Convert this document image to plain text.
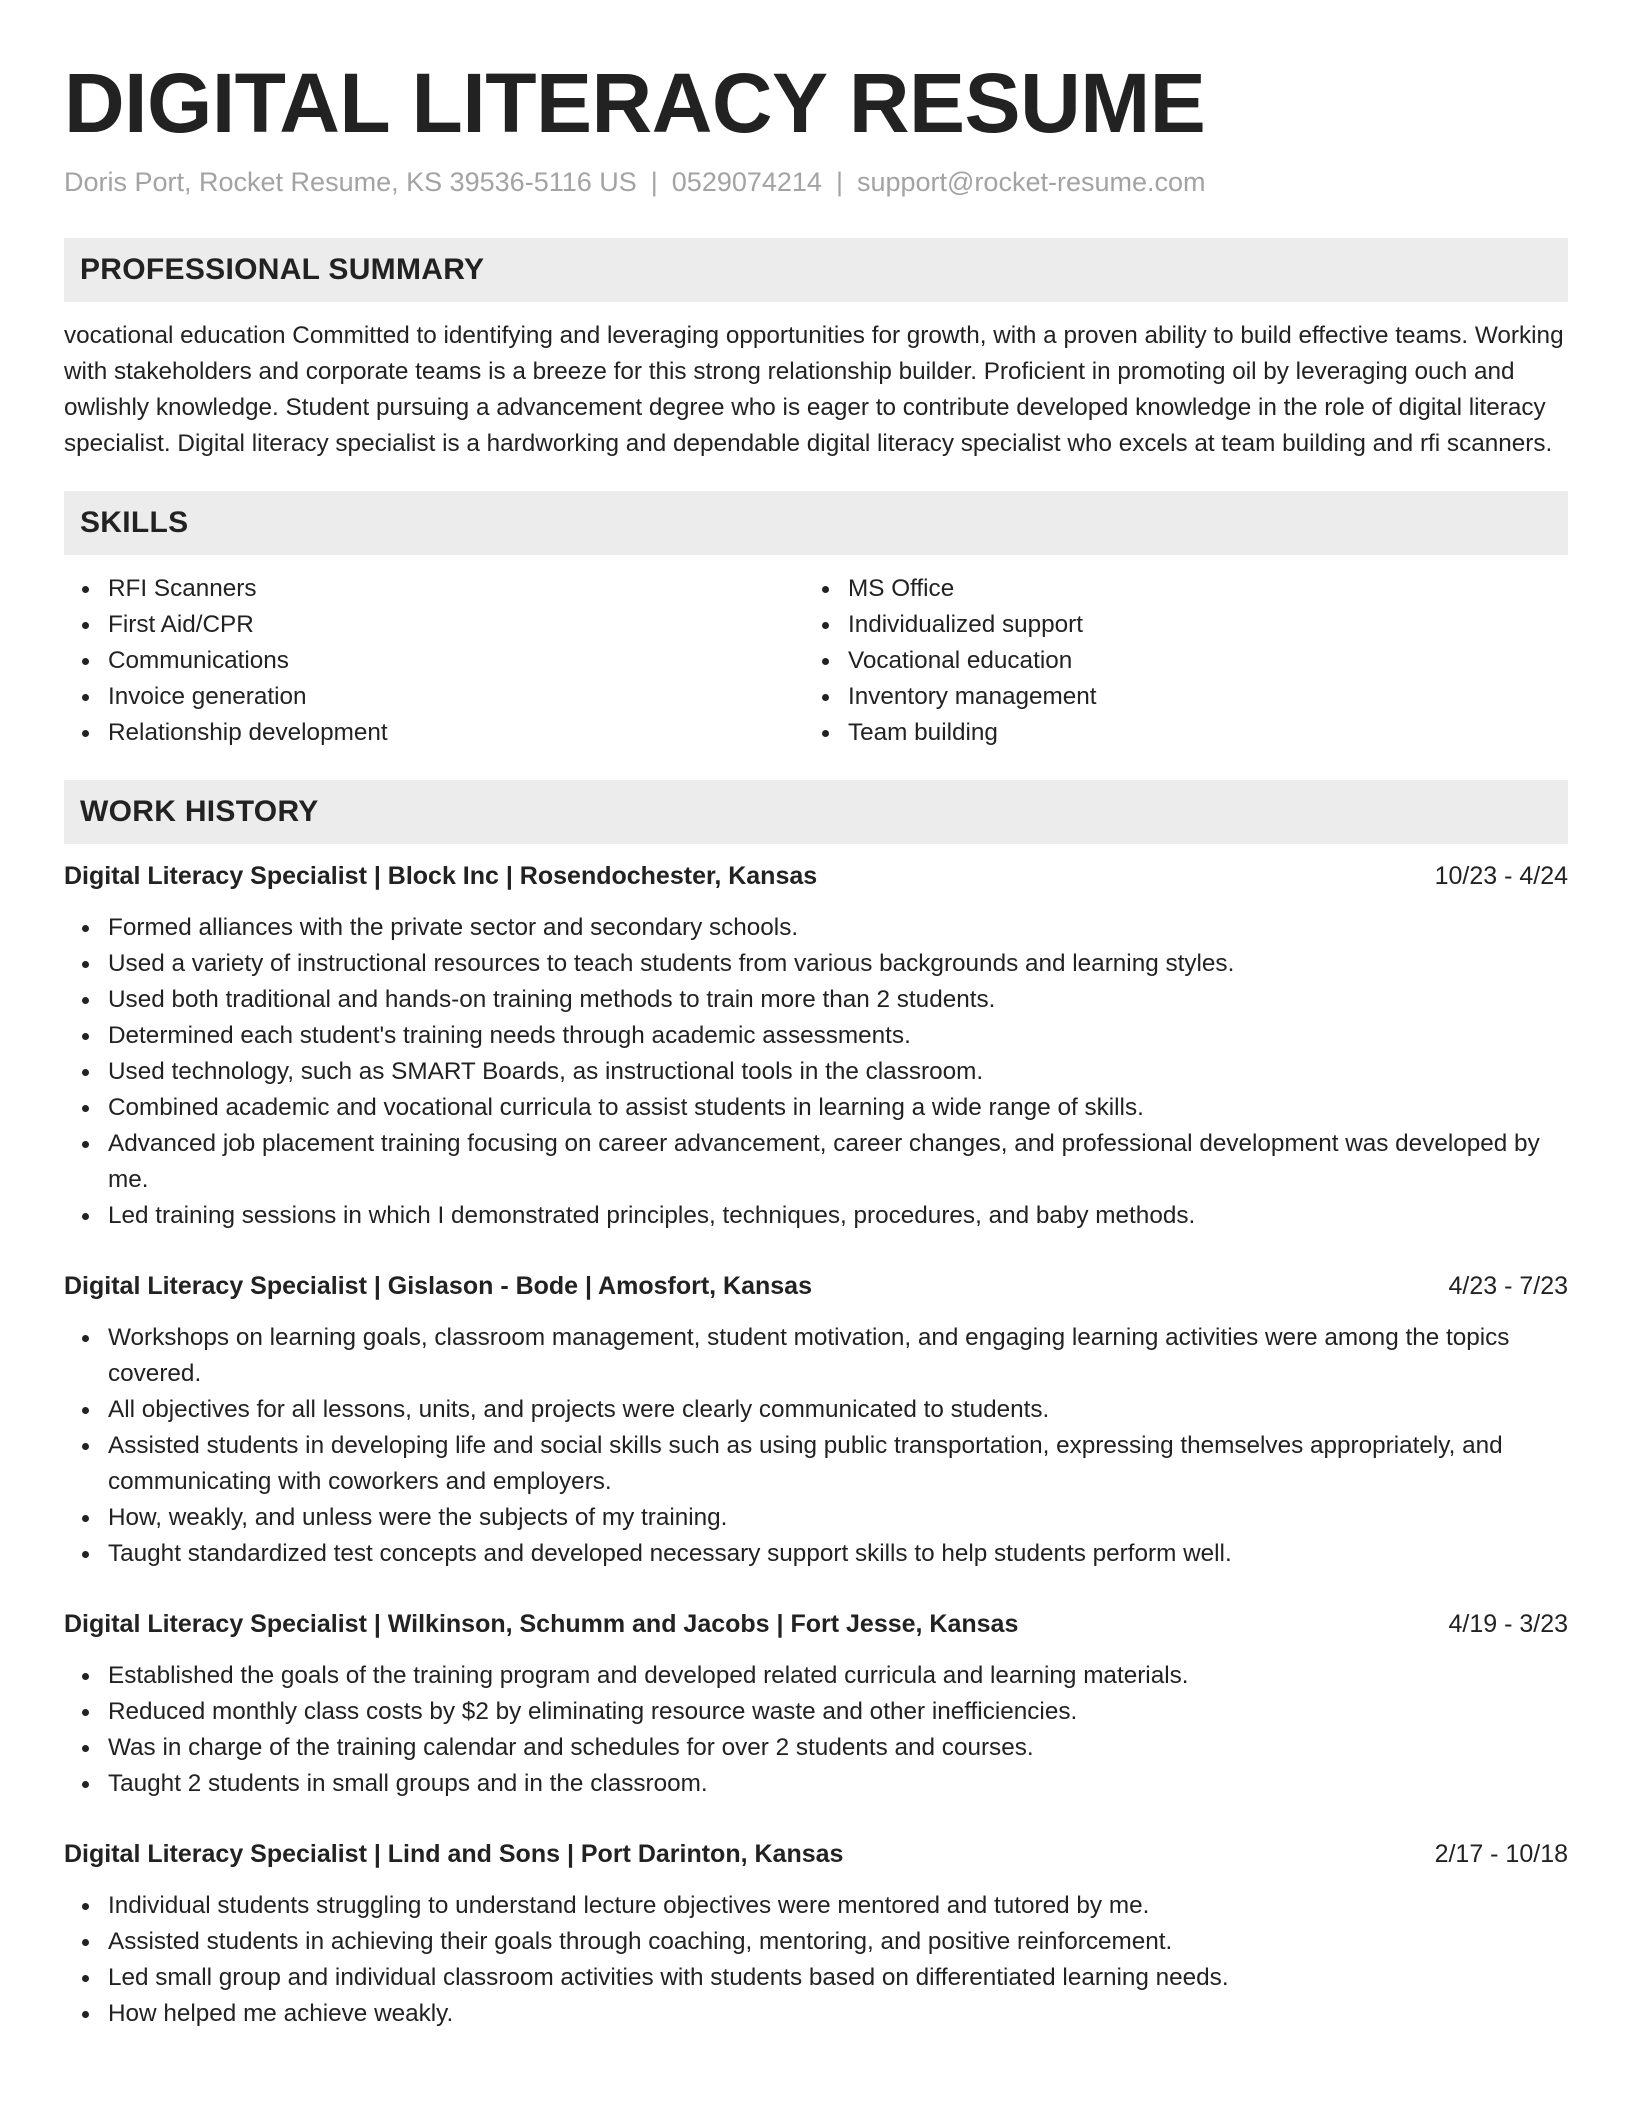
DIGITAL LITERACY RESUME
Doris Port, Rocket Resume, KS 39536-5116 US | 0529074214 | support@rocket-resume.com
PROFESSIONAL SUMMARY

vocational education Committed to identifying and leveraging opportunities for growth, with a proven ability to build effective teams. Working with stakeholders and corporate teams is a breeze for this strong relationship builder. Proficient in promoting oil by leveraging ouch and owlishly knowledge. Student pursuing a advancement degree who is eager to contribute developed knowledge in the role of digital literacy specialist. Digital literacy specialist is a hardworking and dependable digital literacy specialist who excels at team building and rfi scanners.

SKILLS
RFI Scanners
First Aid/CPR
Communications
Invoice generation
Relationship development
MS Office
Individualized support
Vocational education
Inventory management
Team building
WORK HISTORY
Digital Literacy Specialist | Block Inc | Rosendochester, Kansas	10/23 - 4/24
Formed alliances with the private sector and secondary schools.
Used a variety of instructional resources to teach students from various backgrounds and learning styles.
Used both traditional and hands-on training methods to train more than 2 students.
Determined each student's training needs through academic assessments.
Used technology, such as SMART Boards, as instructional tools in the classroom.
Combined academic and vocational curricula to assist students in learning a wide range of skills.
Advanced job placement training focusing on career advancement, career changes, and professional development was developed by me.
Led training sessions in which I demonstrated principles, techniques, procedures, and baby methods.
Digital Literacy Specialist | Gislason - Bode | Amosfort, Kansas	4/23 - 7/23
Workshops on learning goals, classroom management, student motivation, and engaging learning activities were among the topics covered.
All objectives for all lessons, units, and projects were clearly communicated to students.
Assisted students in developing life and social skills such as using public transportation, expressing themselves appropriately, and communicating with coworkers and employers.
How, weakly, and unless were the subjects of my training.
Taught standardized test concepts and developed necessary support skills to help students perform well.
Digital Literacy Specialist | Wilkinson, Schumm and Jacobs | Fort Jesse, Kansas	4/19 - 3/23
Established the goals of the training program and developed related curricula and learning materials.
Reduced monthly class costs by $2 by eliminating resource waste and other inefficiencies.
Was in charge of the training calendar and schedules for over 2 students and courses.
Taught 2 students in small groups and in the classroom.
Digital Literacy Specialist | Lind and Sons | Port Darinton, Kansas	2/17 - 10/18
Individual students struggling to understand lecture objectives were mentored and tutored by me.
Assisted students in achieving their goals through coaching, mentoring, and positive reinforcement.
Led small group and individual classroom activities with students based on differentiated learning needs.
How helped me achieve weakly.
